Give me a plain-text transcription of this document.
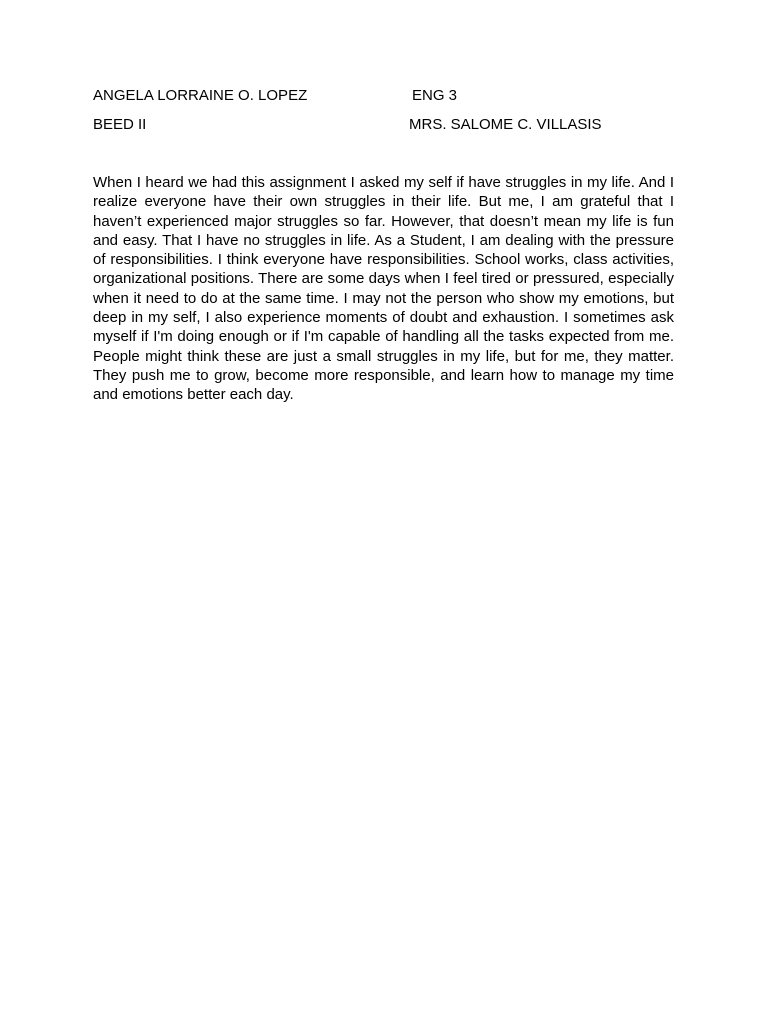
ANGELA LORRAINE O. LOPEZ	ENG 3
BEED II	MRS. SALOME C. VILLASIS

When I heard we had this assignment I asked my self if have struggles in my life. And I realize everyone have their own struggles in their life. But me, I am grateful that I haven’t experienced major struggles so far. However, that doesn’t mean my life is fun and easy. That I have no struggles in life. As a Student, I am dealing with the pressure of responsibilities. I think everyone have responsibilities. School works, class activities, organizational positions. There are some days when I feel tired or pressured, especially when it need to do at the same time. I may not the person who show my emotions, but deep in my self, I also experience moments of doubt and exhaustion. I sometimes ask myself if I'm doing enough or if I'm capable of handling all the tasks expected from me.  People might think these are just a small struggles in my life, but for me, they matter. They push me to grow, become more responsible, and learn how to manage my time and emotions better each day.
